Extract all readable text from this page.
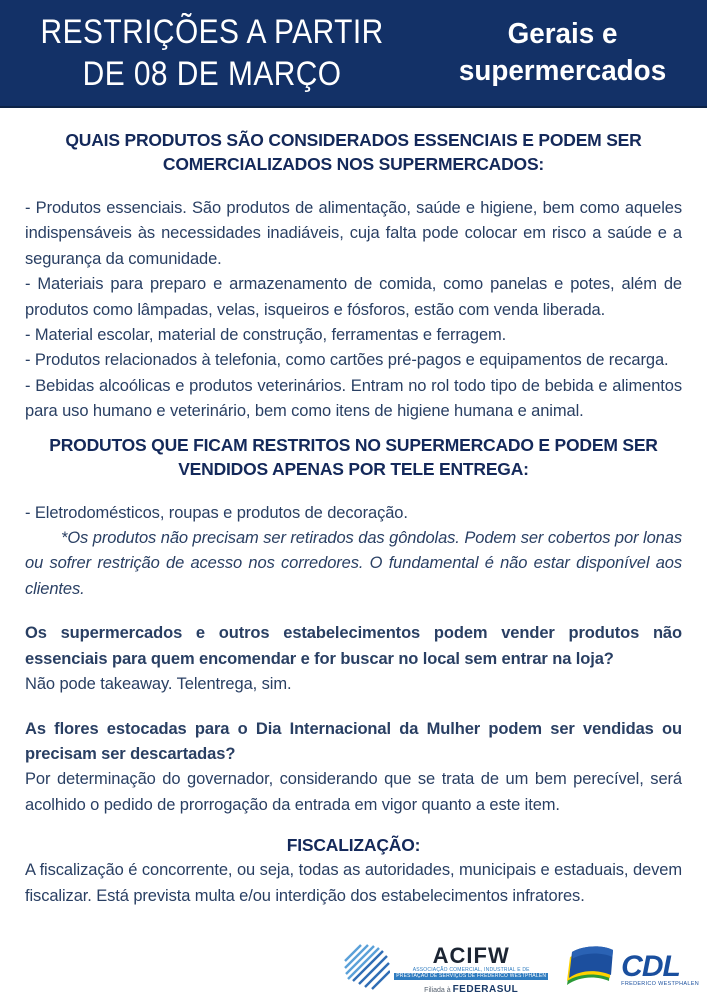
RESTRIÇÕES A PARTIR
DE 08 DE MARÇO
Gerais e
supermercados
QUAIS PRODUTOS SÃO CONSIDERADOS ESSENCIAIS E PODEM SER COMERCIALIZADOS NOS SUPERMERCADOS:

- Produtos essenciais. São produtos de alimentação, saúde e higiene, bem como aqueles indispensáveis às necessidades inadiáveis, cuja falta pode colocar em risco a saúde e a segurança da comunidade.

- Materiais para preparo e armazenamento de comida, como panelas e potes, além de produtos como lâmpadas, velas, isqueiros e fósforos, estão com venda liberada.

- Material escolar, material de construção, ferramentas e ferragem.

- Produtos relacionados à telefonia, como cartões pré-pagos e equipamentos de recarga.

- Bebidas alcoólicas e produtos veterinários. Entram no rol todo tipo de bebida e alimentos para uso humano e veterinário, bem como itens de higiene humana e animal.

PRODUTOS QUE FICAM RESTRITOS NO SUPERMERCADO E PODEM SER VENDIDOS APENAS POR TELE ENTREGA:

- Eletrodomésticos, roupas e produtos de decoração.

*Os produtos não precisam ser retirados das gôndolas. Podem ser cobertos por lonas ou sofrer restrição de acesso nos corredores. O fundamental é não estar disponível aos clientes.

Os supermercados e outros estabelecimentos podem vender produtos não essenciais para quem encomendar e for buscar no local sem entrar na loja?

Não pode takeaway. Telentrega, sim.

As flores estocadas para o Dia Internacional da Mulher podem ser vendidas ou precisam ser descartadas?

Por determinação do governador, considerando que se trata de um bem perecível, será acolhido o pedido de prorrogação da entrada em vigor quanto a este item.

FISCALIZAÇÃO:

A fiscalização é concorrente, ou seja, todas as autoridades, municipais e estaduais, devem fiscalizar. Está prevista multa e/ou interdição dos estabelecimentos infratores.

ACIFW
ASSOCIAÇÃO COMERCIAL, INDUSTRIAL E DE
PRESTAÇÃO DE SERVIÇOS DE FREDERICO WESTPHALEN
Filiada à FEDERASUL
CDL
FREDERICO WESTPHALEN
